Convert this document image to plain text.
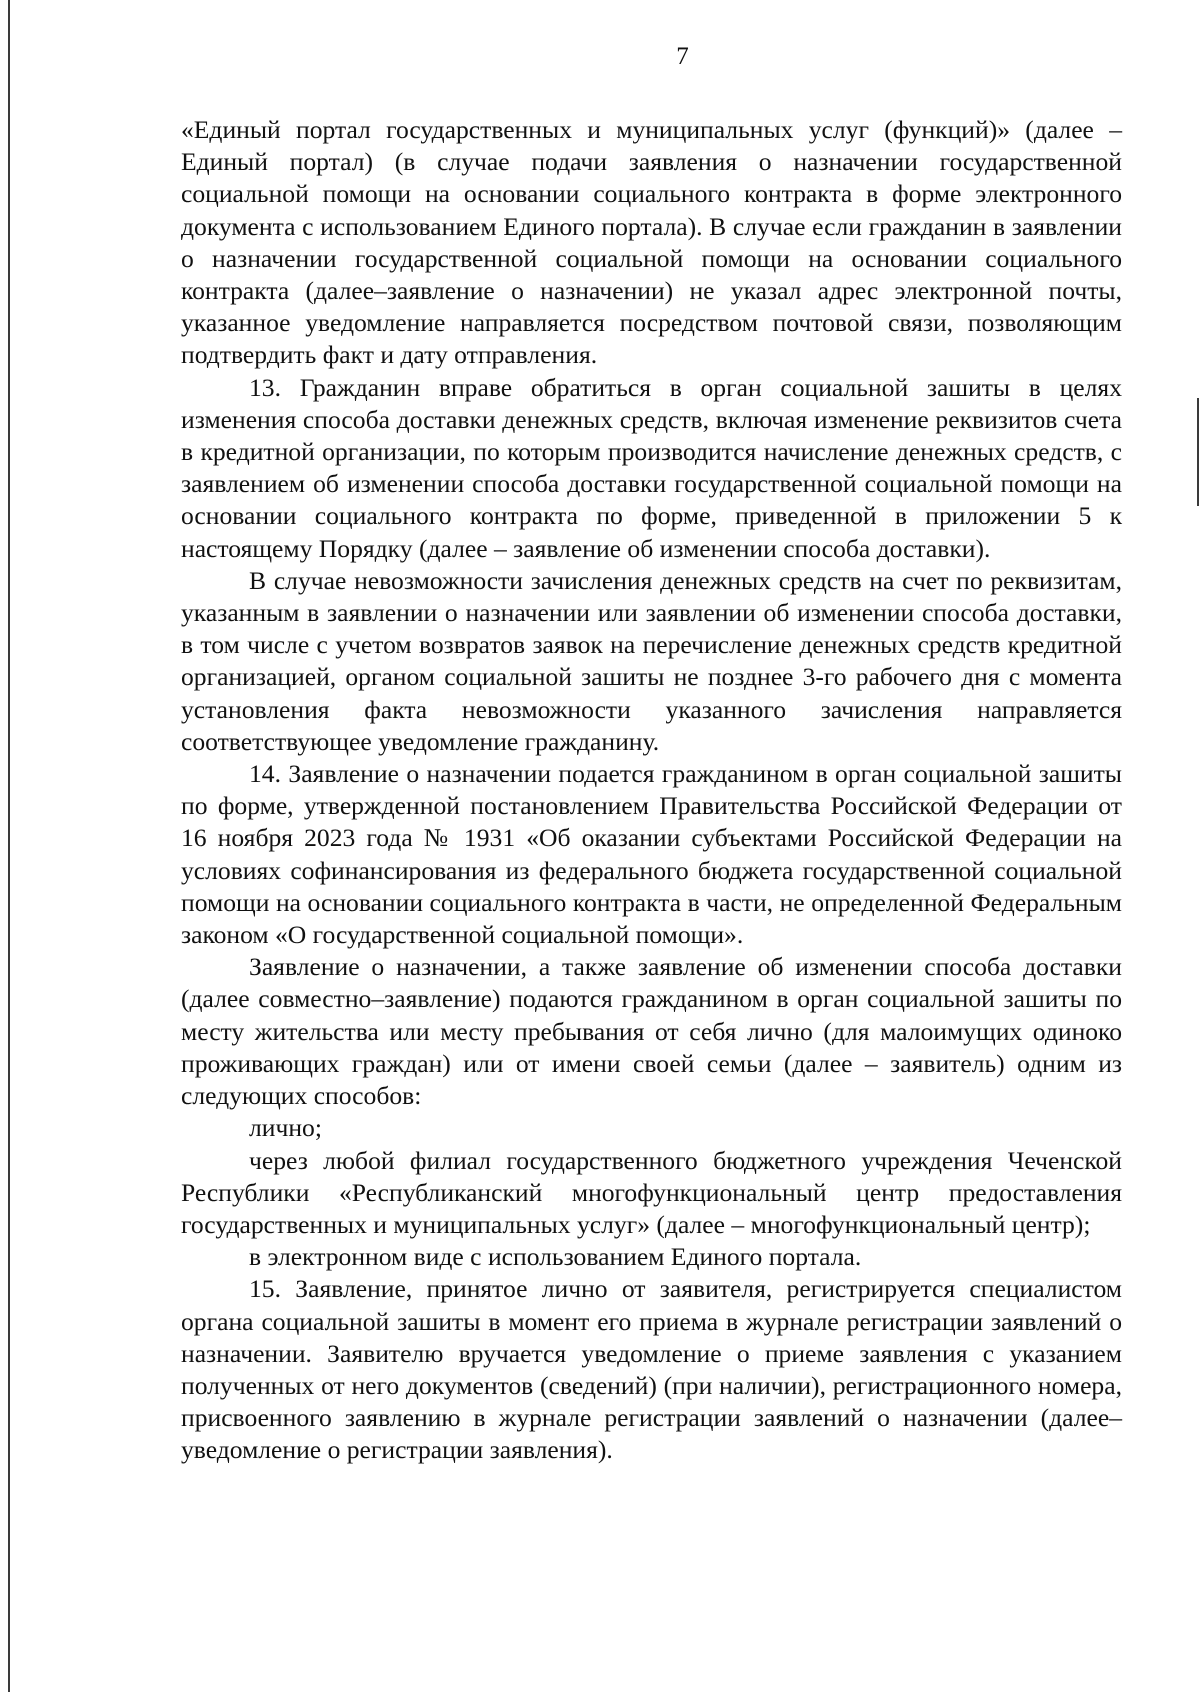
7

«Единый портал государственных и муниципальных услуг (функций)» (далее – Единый портал) (в случае подачи заявления о назначении государственной социальной помощи на основании социального контракта в форме электронного документа с использованием Единого портала). В случае если гражданин в заявлении о назначении государственной социальной помощи на основании социального контракта (далее–заявление о назначении) не указал адрес электронной почты, указанное уведомление направляется посредством почтовой связи, позволяющим подтвердить факт и дату отправления.

13. Гражданин вправе обратиться в орган социальной зашиты в целях изменения способа доставки денежных средств, включая изменение реквизитов счета в кредитной организации, по которым производится начисление денежных средств, с заявлением об изменении способа доставки государственной социальной помощи на основании социального контракта по форме, приведенной в приложении 5 к настоящему Порядку (далее – заявление об изменении способа доставки).

В случае невозможности зачисления денежных средств на счет по реквизитам, указанным в заявлении о назначении или заявлении об изменении способа доставки, в том числе с учетом возвратов заявок на перечисление денежных средств кредитной организацией, органом социальной зашиты не позднее 3-го рабочего дня с момента установления факта невозможности указанного зачисления направляется соответствующее уведомление гражданину.

14. Заявление о назначении подается гражданином в орган социальной зашиты по форме, утвержденной постановлением Правительства Российской Федерации от 16 ноября 2023 года № 1931 «Об оказании субъектами Российской Федерации на условиях софинансирования из федерального бюджета государственной социальной помощи на основании социального контракта в части, не определенной Федеральным законом «О государственной социальной помощи».

Заявление о назначении, а также заявление об изменении способа доставки (далее совместно–заявление) подаются гражданином в орган социальной зашиты по месту жительства или месту пребывания от себя лично (для малоимущих одиноко проживающих граждан) или от имени своей семьи (далее – заявитель) одним из следующих способов:

лично;

через любой филиал государственного бюджетного учреждения Чеченской Республики «Республиканский многофункциональный центр предоставления государственных и муниципальных услуг» (далее – многофункциональный центр);

в электронном виде с использованием Единого портала.

15. Заявление, принятое лично от заявителя, регистрируется специалистом органа социальной зашиты в момент его приема в журнале регистрации заявлений о назначении. Заявителю вручается уведомление о приеме заявления с указанием полученных от него документов (сведений) (при наличии), регистрационного номера, присвоенного заявлению в журнале регистрации заявлений о назначении (далее–уведомление о регистрации заявления).
